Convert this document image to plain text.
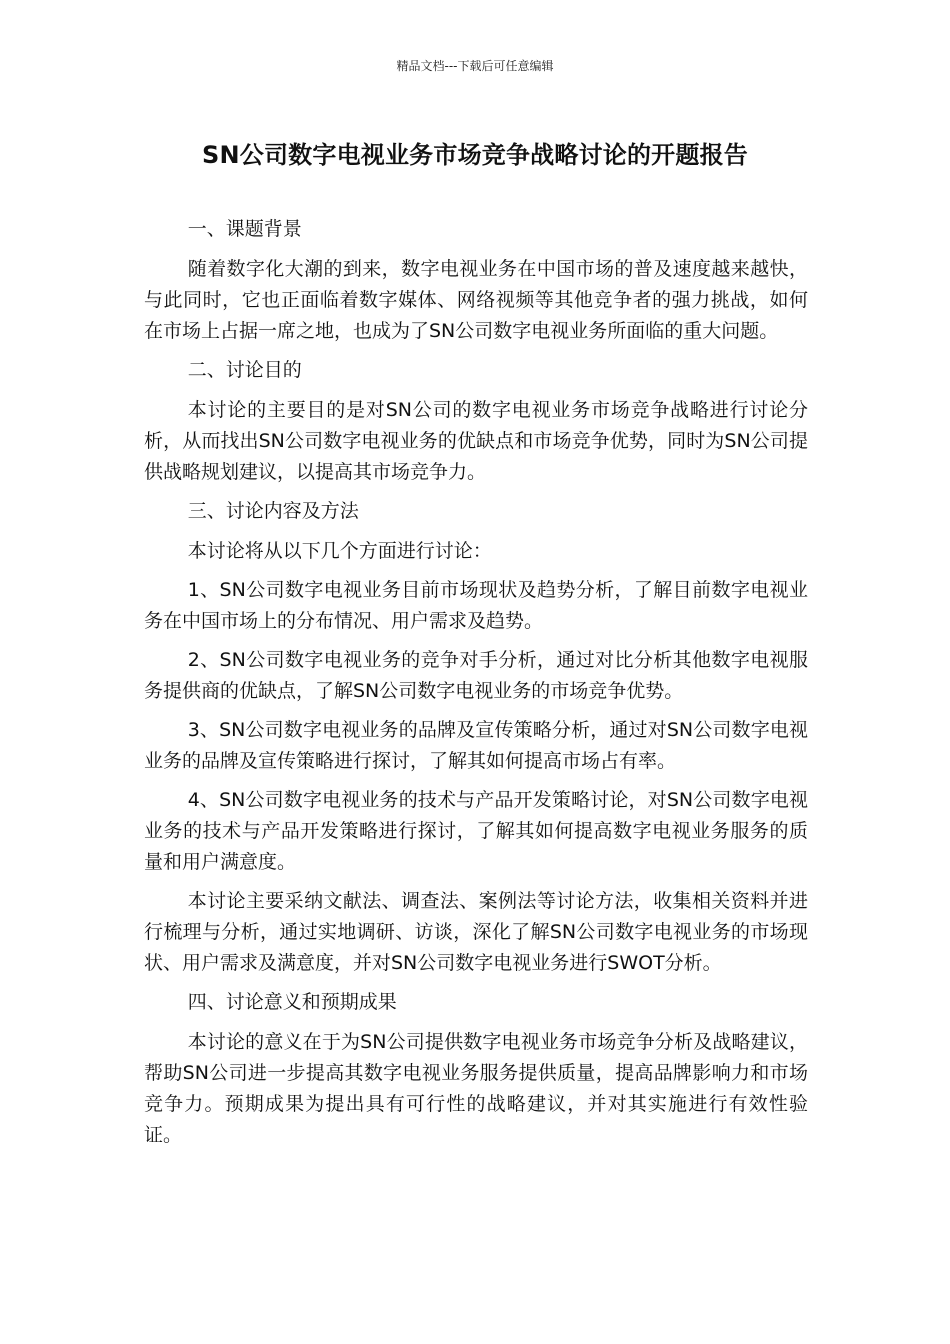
精品文档---下载后可任意编辑
SN公司数字电视业务市场竞争战略讨论的开题报告

一、课题背景

随着数字化大潮的到来，数字电视业务在中国市场的普及速度越来越快，与此同时，它也正面临着数字媒体、网络视频等其他竞争者的强力挑战，如何在市场上占据一席之地，也成为了SN公司数字电视业务所面临的重大问题。

二、讨论目的

本讨论的主要目的是对SN公司的数字电视业务市场竞争战略进行讨论分析，从而找出SN公司数字电视业务的优缺点和市场竞争优势，同时为SN公司提供战略规划建议，以提高其市场竞争力。

三、讨论内容及方法

本讨论将从以下几个方面进行讨论：

1、SN公司数字电视业务目前市场现状及趋势分析，了解目前数字电视业务在中国市场上的分布情况、用户需求及趋势。

2、SN公司数字电视业务的竞争对手分析，通过对比分析其他数字电视服务提供商的优缺点，了解SN公司数字电视业务的市场竞争优势。

3、SN公司数字电视业务的品牌及宣传策略分析，通过对SN公司数字电视业务的品牌及宣传策略进行探讨，了解其如何提高市场占有率。

4、SN公司数字电视业务的技术与产品开发策略讨论，对SN公司数字电视业务的技术与产品开发策略进行探讨，了解其如何提高数字电视业务服务的质量和用户满意度。

本讨论主要采纳文献法、调查法、案例法等讨论方法，收集相关资料并进行梳理与分析，通过实地调研、访谈，深化了解SN公司数字电视业务的市场现状、用户需求及满意度，并对SN公司数字电视业务进行SWOT分析。

四、讨论意义和预期成果

本讨论的意义在于为SN公司提供数字电视业务市场竞争分析及战略建议，帮助SN公司进一步提高其数字电视业务服务提供质量，提高品牌影响力和市场竞争力。预期成果为提出具有可行性的战略建议，并对其实施进行有效性验证。
